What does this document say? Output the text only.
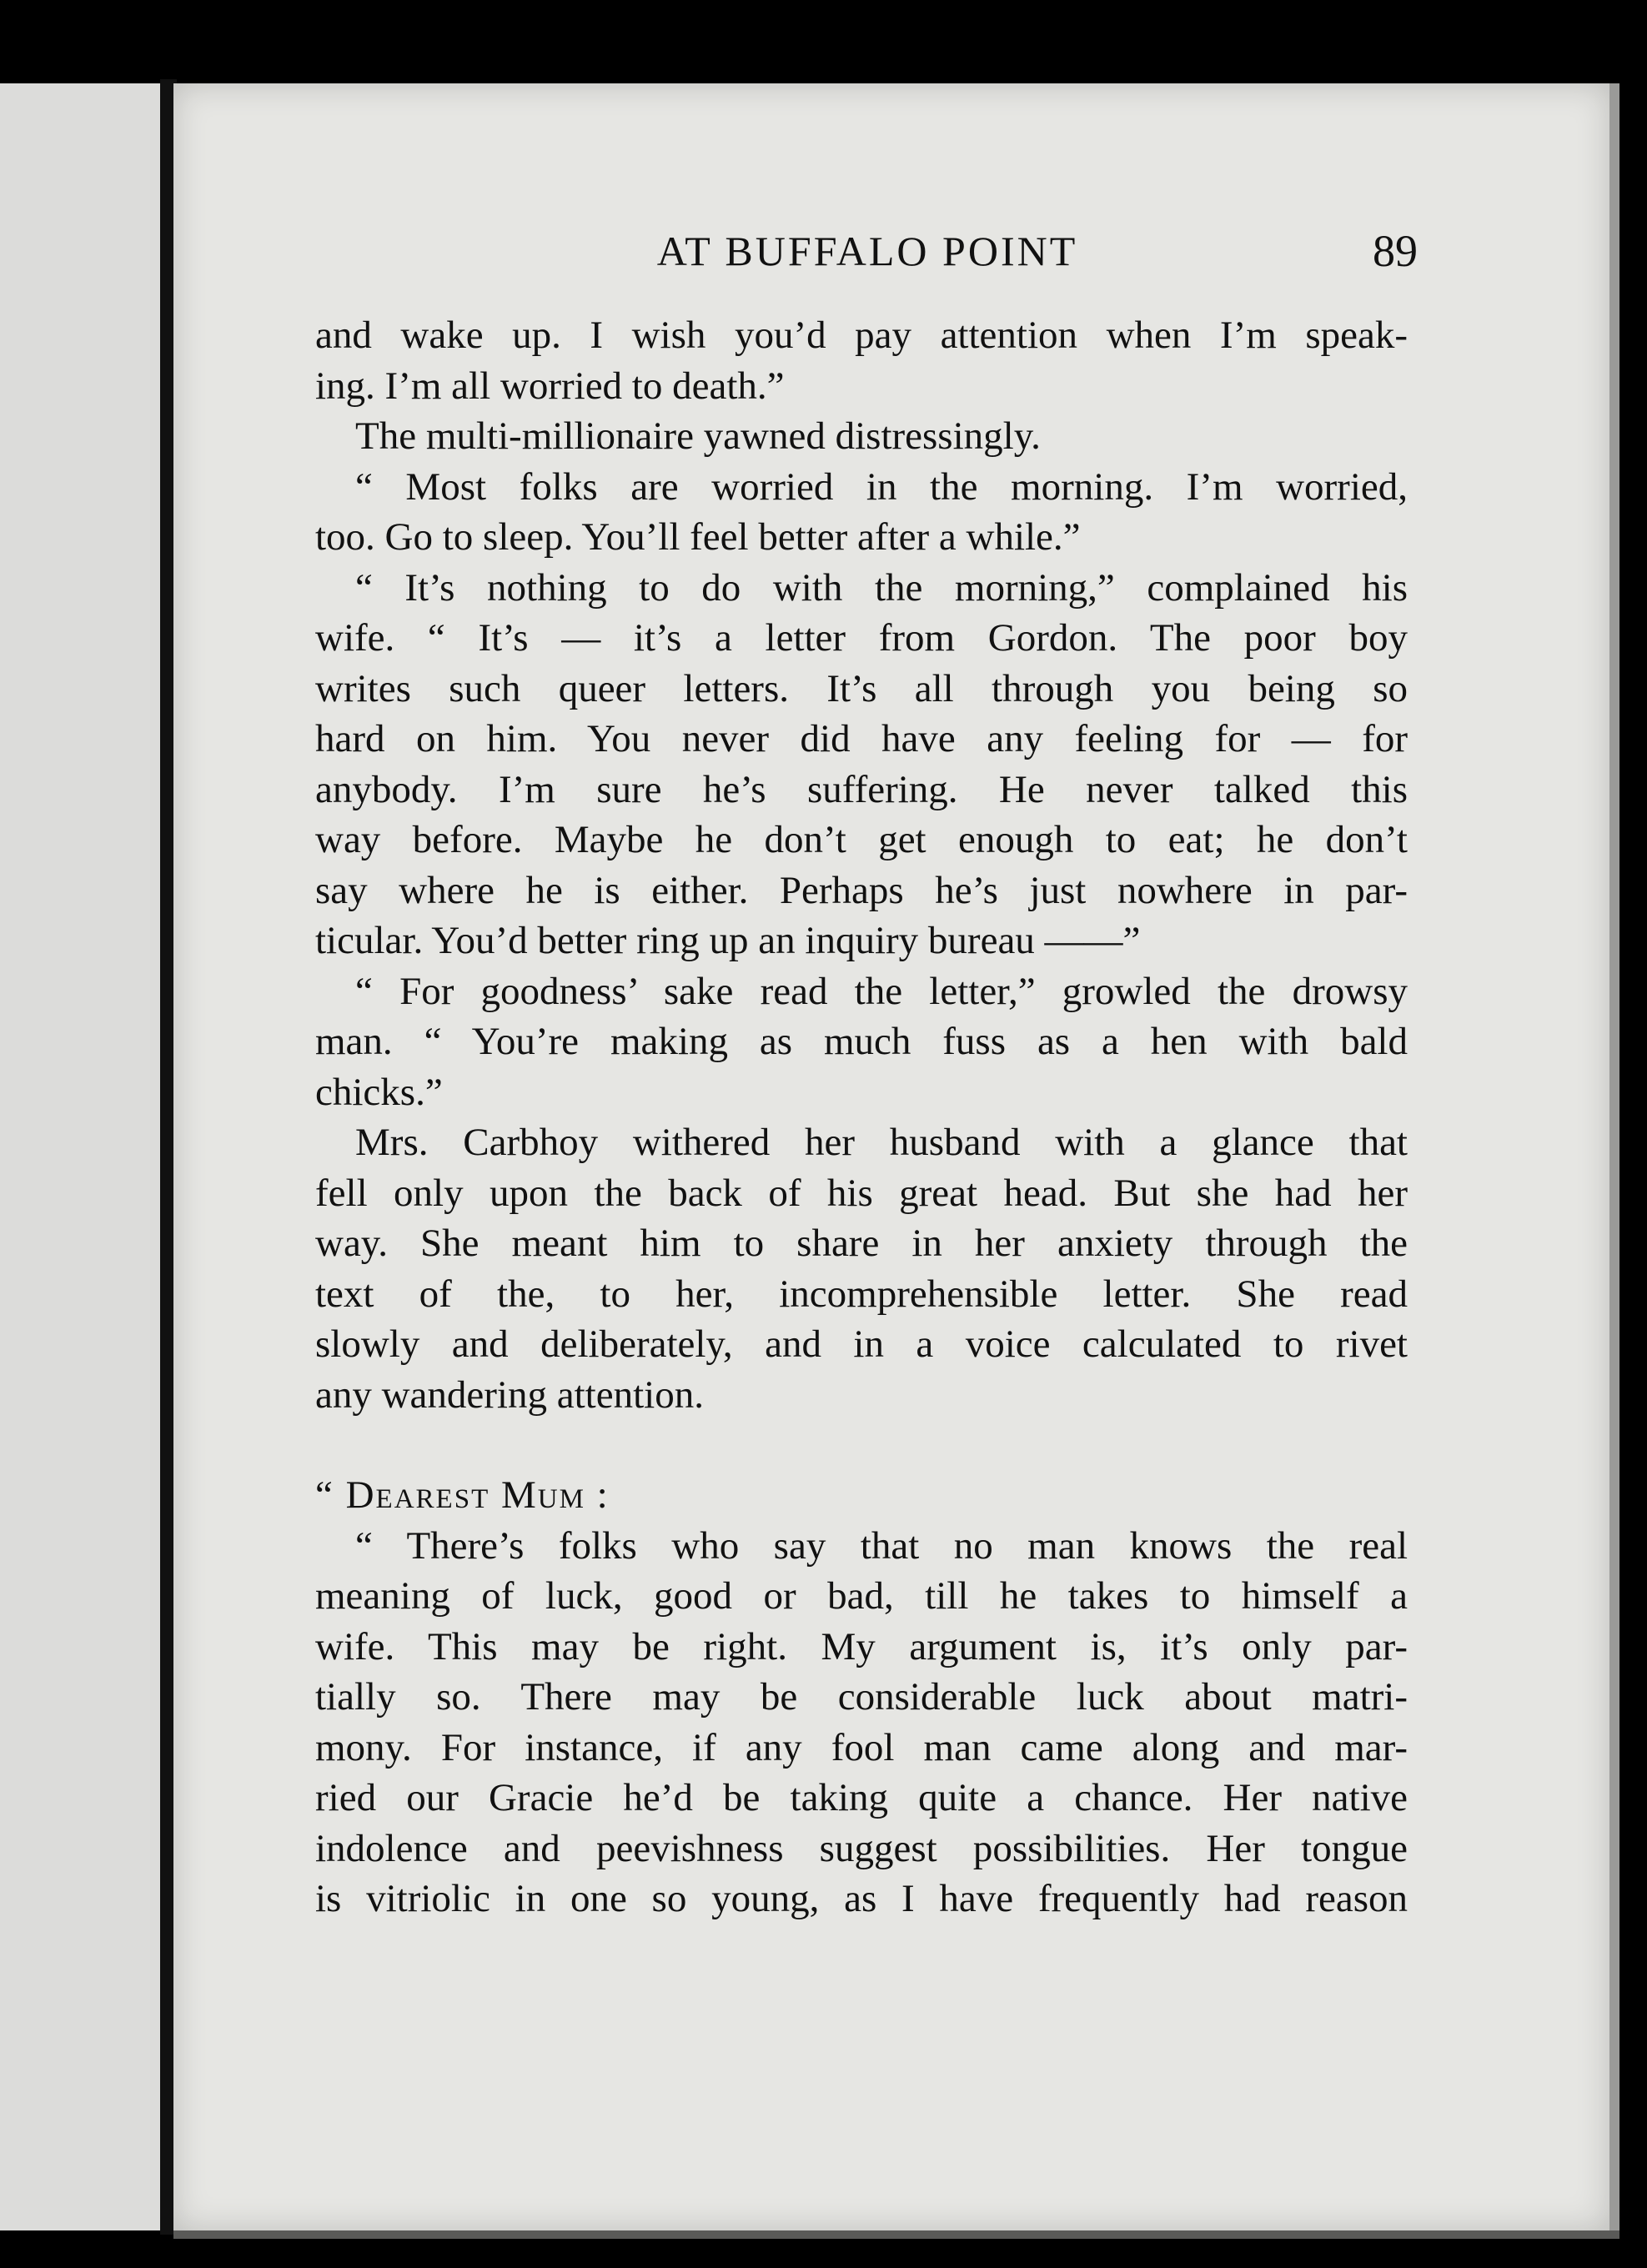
AT BUFFALO POINT	89
and wake up. I wish you’d pay attention when I’m speak-
ing. I’m all worried to death.”
The multi-millionaire yawned distressingly.
“ Most folks are worried in the morning. I’m worried,
too. Go to sleep. You’ll feel better after a while.”
“ It’s nothing to do with the morning,” complained his
wife. “ It’s — it’s a letter from Gordon. The poor boy
writes such queer letters. It’s all through you being so
hard on him. You never did have any feeling for — for
anybody. I’m sure he’s suffering. He never talked this
way before. Maybe he don’t get enough to eat; he don’t
say where he is either. Perhaps he’s just nowhere in par-
ticular. You’d better ring up an inquiry bureau ——”
“ For goodness’ sake read the letter,” growled the drowsy
man. “ You’re making as much fuss as a hen with bald
chicks.”
Mrs. Carbhoy withered her husband with a glance that
fell only upon the back of his great head. But she had her
way. She meant him to share in her anxiety through the
text of the, to her, incomprehensible letter. She read
slowly and deliberately, and in a voice calculated to rivet
any wandering attention.
“ Dearest Mum :
“ There’s folks who say that no man knows the real
meaning of luck, good or bad, till he takes to himself a
wife. This may be right. My argument is, it’s only par-
tially so. There may be considerable luck about matri-
mony. For instance, if any fool man came along and mar-
ried our Gracie he’d be taking quite a chance. Her native
indolence and peevishness suggest possibilities. Her tongue
is vitriolic in one so young, as I have frequently had reason
